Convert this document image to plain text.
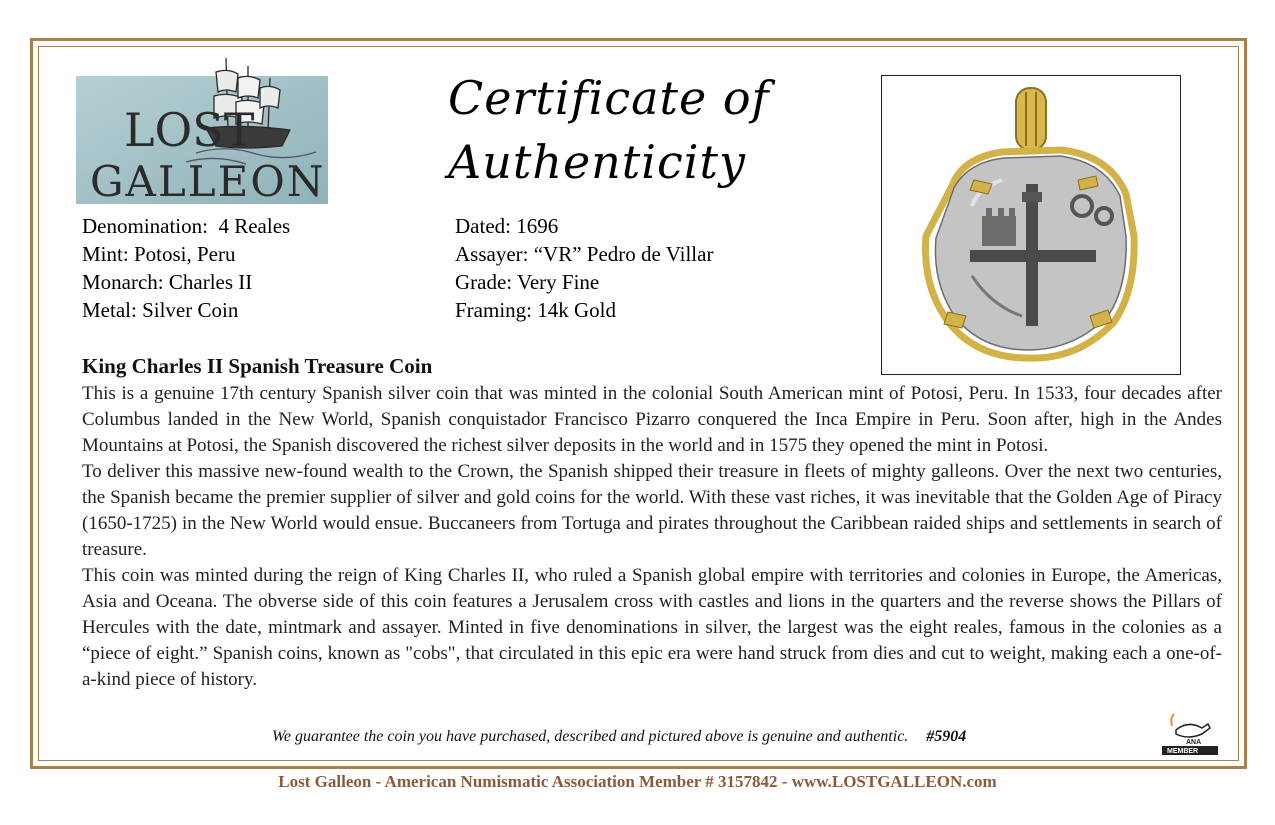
LOST
GALLEON
Certificate of
Authenticity
Denomination: 4 Reales
Mint: Potosi, Peru
Monarch: Charles II
Metal: Silver Coin
Dated: 1696
Assayer: “VR” Pedro de Villar
Grade: Very Fine
Framing: 14k Gold
King Charles II Spanish Treasure Coin

This is a genuine 17th century Spanish silver coin that was minted in the colonial South American mint of Potosi, Peru. In 1533, four decades after Columbus landed in the New World, Spanish conquistador Francisco Pizarro conquered the Inca Empire in Peru. Soon after, high in the Andes Mountains at Potosi, the Spanish discovered the richest silver deposits in the world and in 1575 they opened the mint in Potosi.

To deliver this massive new-found wealth to the Crown, the Spanish shipped their treasure in fleets of mighty galleons. Over the next two centuries, the Spanish became the premier supplier of silver and gold coins for the world. With these vast riches, it was inevitable that the Golden Age of Piracy (1650-1725) in the New World would ensue. Buccaneers from Tortuga and pirates throughout the Caribbean raided ships and settlements in search of treasure.

This coin was minted during the reign of King Charles II, who ruled a Spanish global empire with territories and colonies in Europe, the Americas, Asia and Oceana. The obverse side of this coin features a Jerusalem cross with castles and lions in the quarters and the reverse shows the Pillars of Hercules with the date, mintmark and assayer. Minted in five denominations in silver, the largest was the eight reales, famous in the colonies as a “piece of eight.” Spanish coins, known as "cobs", that circulated in this epic era were hand struck from dies and cut to weight, making each a one-of-a-kind piece of history.

We guarantee the coin you have purchased, described and pictured above is genuine and authentic. #5904	ANA
MEMBER
Lost Galleon - American Numismatic Association Member # 3157842 - www.LOSTGALLEON.com
